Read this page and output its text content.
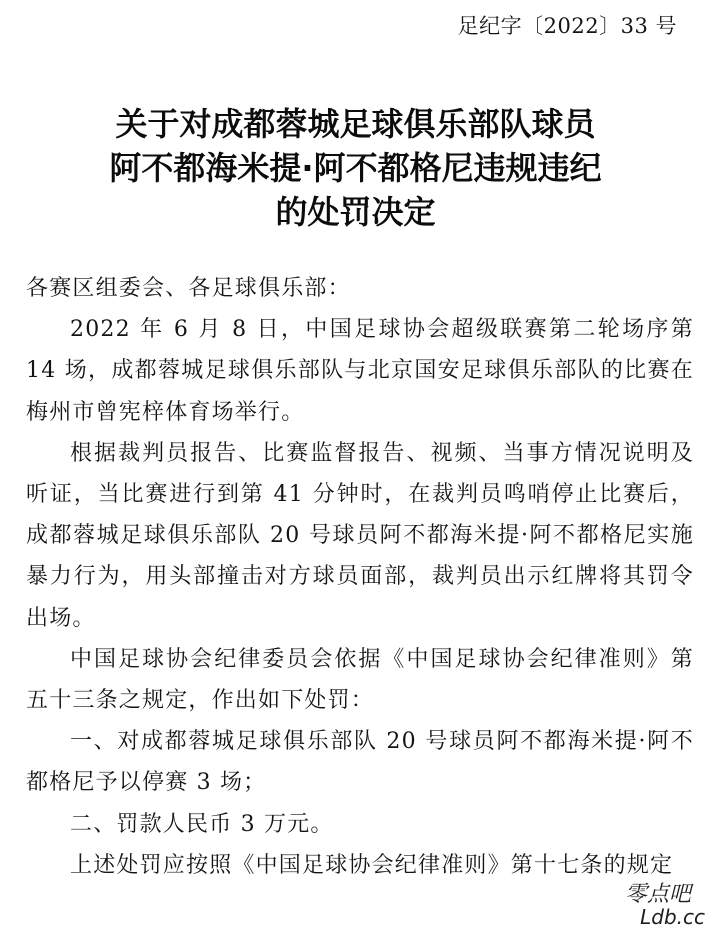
足纪字〔2022〕33 号
关于对成都蓉城足球俱乐部队球员
阿不都海米提·阿不都格尼违规违纪
的处罚决定

各赛区组委会、各足球俱乐部：

2022 年 6 月 8 日，中国足球协会超级联赛第二轮场序第 14 场，成都蓉城足球俱乐部队与北京国安足球俱乐部队的比赛在梅州市曾宪梓体育场举行。

根据裁判员报告、比赛监督报告、视频、当事方情况说明及听证，当比赛进行到第 41 分钟时，在裁判员鸣哨停止比赛后，成都蓉城足球俱乐部队 20 号球员阿不都海米提·阿不都格尼实施暴力行为，用头部撞击对方球员面部，裁判员出示红牌将其罚令出场。

中国足球协会纪律委员会依据《中国足球协会纪律准则》第五十三条之规定，作出如下处罚：

一、对成都蓉城足球俱乐部队 20 号球员阿不都海米提·阿不都格尼予以停赛 3 场；

二、罚款人民币 3 万元。

上述处罚应按照《中国足球协会纪律准则》第十七条的规定

零点吧
Ldb.cc
